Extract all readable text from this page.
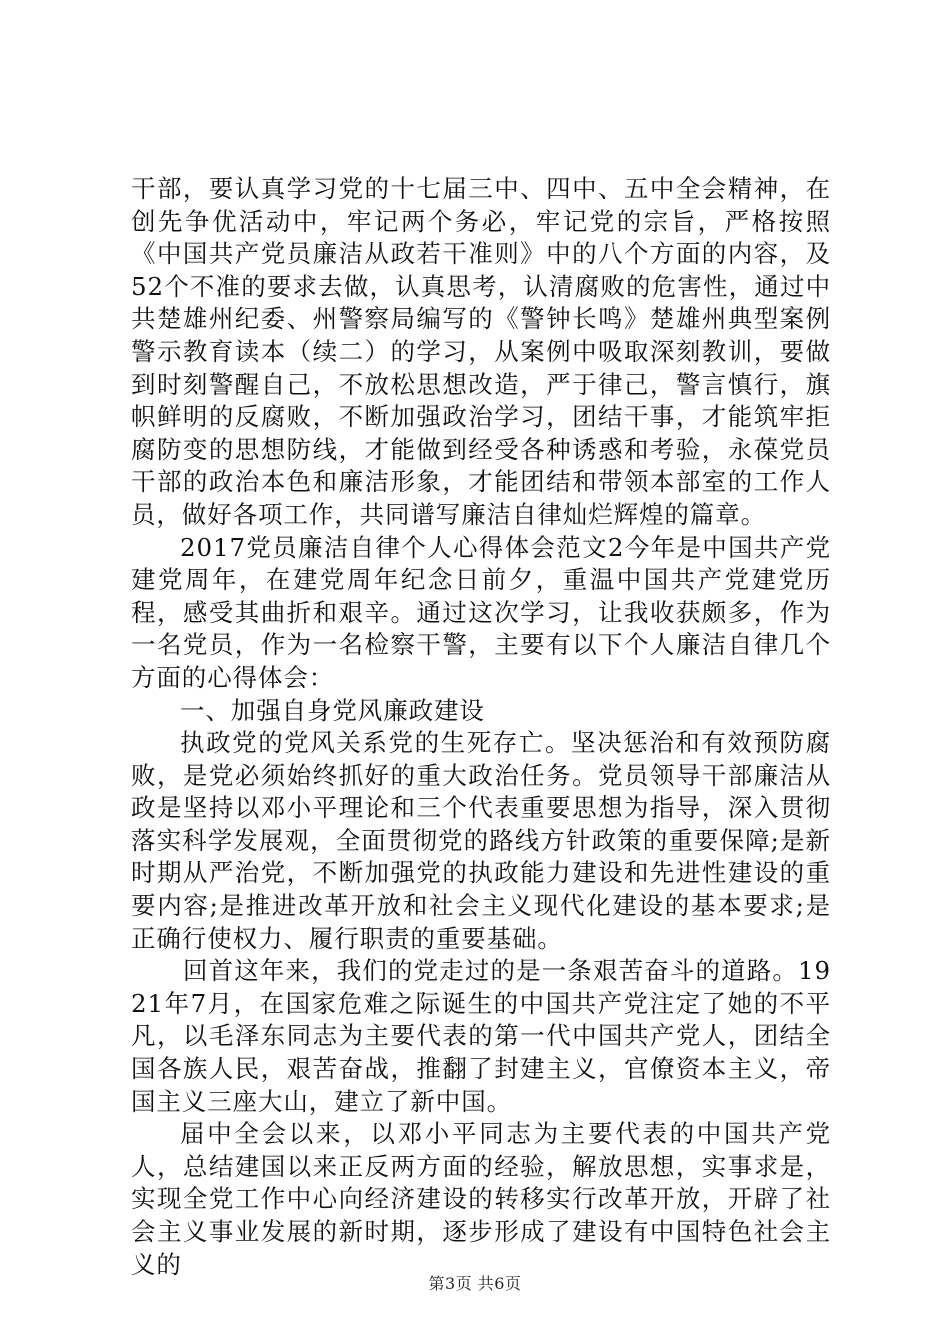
干部，要认真学习党的十七届三中、四中、五中全会精神，在创先争优活动中，牢记两个务必，牢记党的宗旨，严格按照《中国共产党员廉洁从政若干准则》中的八个方面的内容，及52个不准的要求去做，认真思考，认清腐败的危害性，通过中共楚雄州纪委、州警察局编写的《警钟长鸣》楚雄州典型案例警示教育读本（续二）的学习，从案例中吸取深刻教训，要做到时刻警醒自己，不放松思想改造，严于律己，警言慎行，旗帜鲜明的反腐败，不断加强政治学习，团结干事，才能筑牢拒腐防变的思想防线，才能做到经受各种诱惑和考验，永葆党员干部的政治本色和廉洁形象，才能团结和带领本部室的工作人员，做好各项工作，共同谱写廉洁自律灿烂辉煌的篇章。

2017党员廉洁自律个人心得体会范文2今年是中国共产党建党周年，在建党周年纪念日前夕，重温中国共产党建党历程，感受其曲折和艰辛。通过这次学习，让我收获颇多，作为一名党员，作为一名检察干警，主要有以下个人廉洁自律几个方面的心得体会：

一、加强自身党风廉政建设

执政党的党风关系党的生死存亡。坚决惩治和有效预防腐败，是党必须始终抓好的重大政治任务。党员领导干部廉洁从政是坚持以邓小平理论和三个代表重要思想为指导，深入贯彻落实科学发展观，全面贯彻党的路线方针政策的重要保障;是新时期从严治党，不断加强党的执政能力建设和先进性建设的重要内容;是推进改革开放和社会主义现代化建设的基本要求;是正确行使权力、履行职责的重要基础。

回首这年来，我们的党走过的是一条艰苦奋斗的道路。1921年7月，在国家危难之际诞生的中国共产党注定了她的不平凡，以毛泽东同志为主要代表的第一代中国共产党人，团结全国各族人民，艰苦奋战，推翻了封建主义，官僚资本主义，帝国主义三座大山，建立了新中国。

届中全会以来，以邓小平同志为主要代表的中国共产党人，总结建国以来正反两方面的经验，解放思想，实事求是，实现全党工作中心向经济建设的转移实行改革开放，开辟了社会主义事业发展的新时期，逐步形成了建设有中国特色社会主义的

第3页 共6页
